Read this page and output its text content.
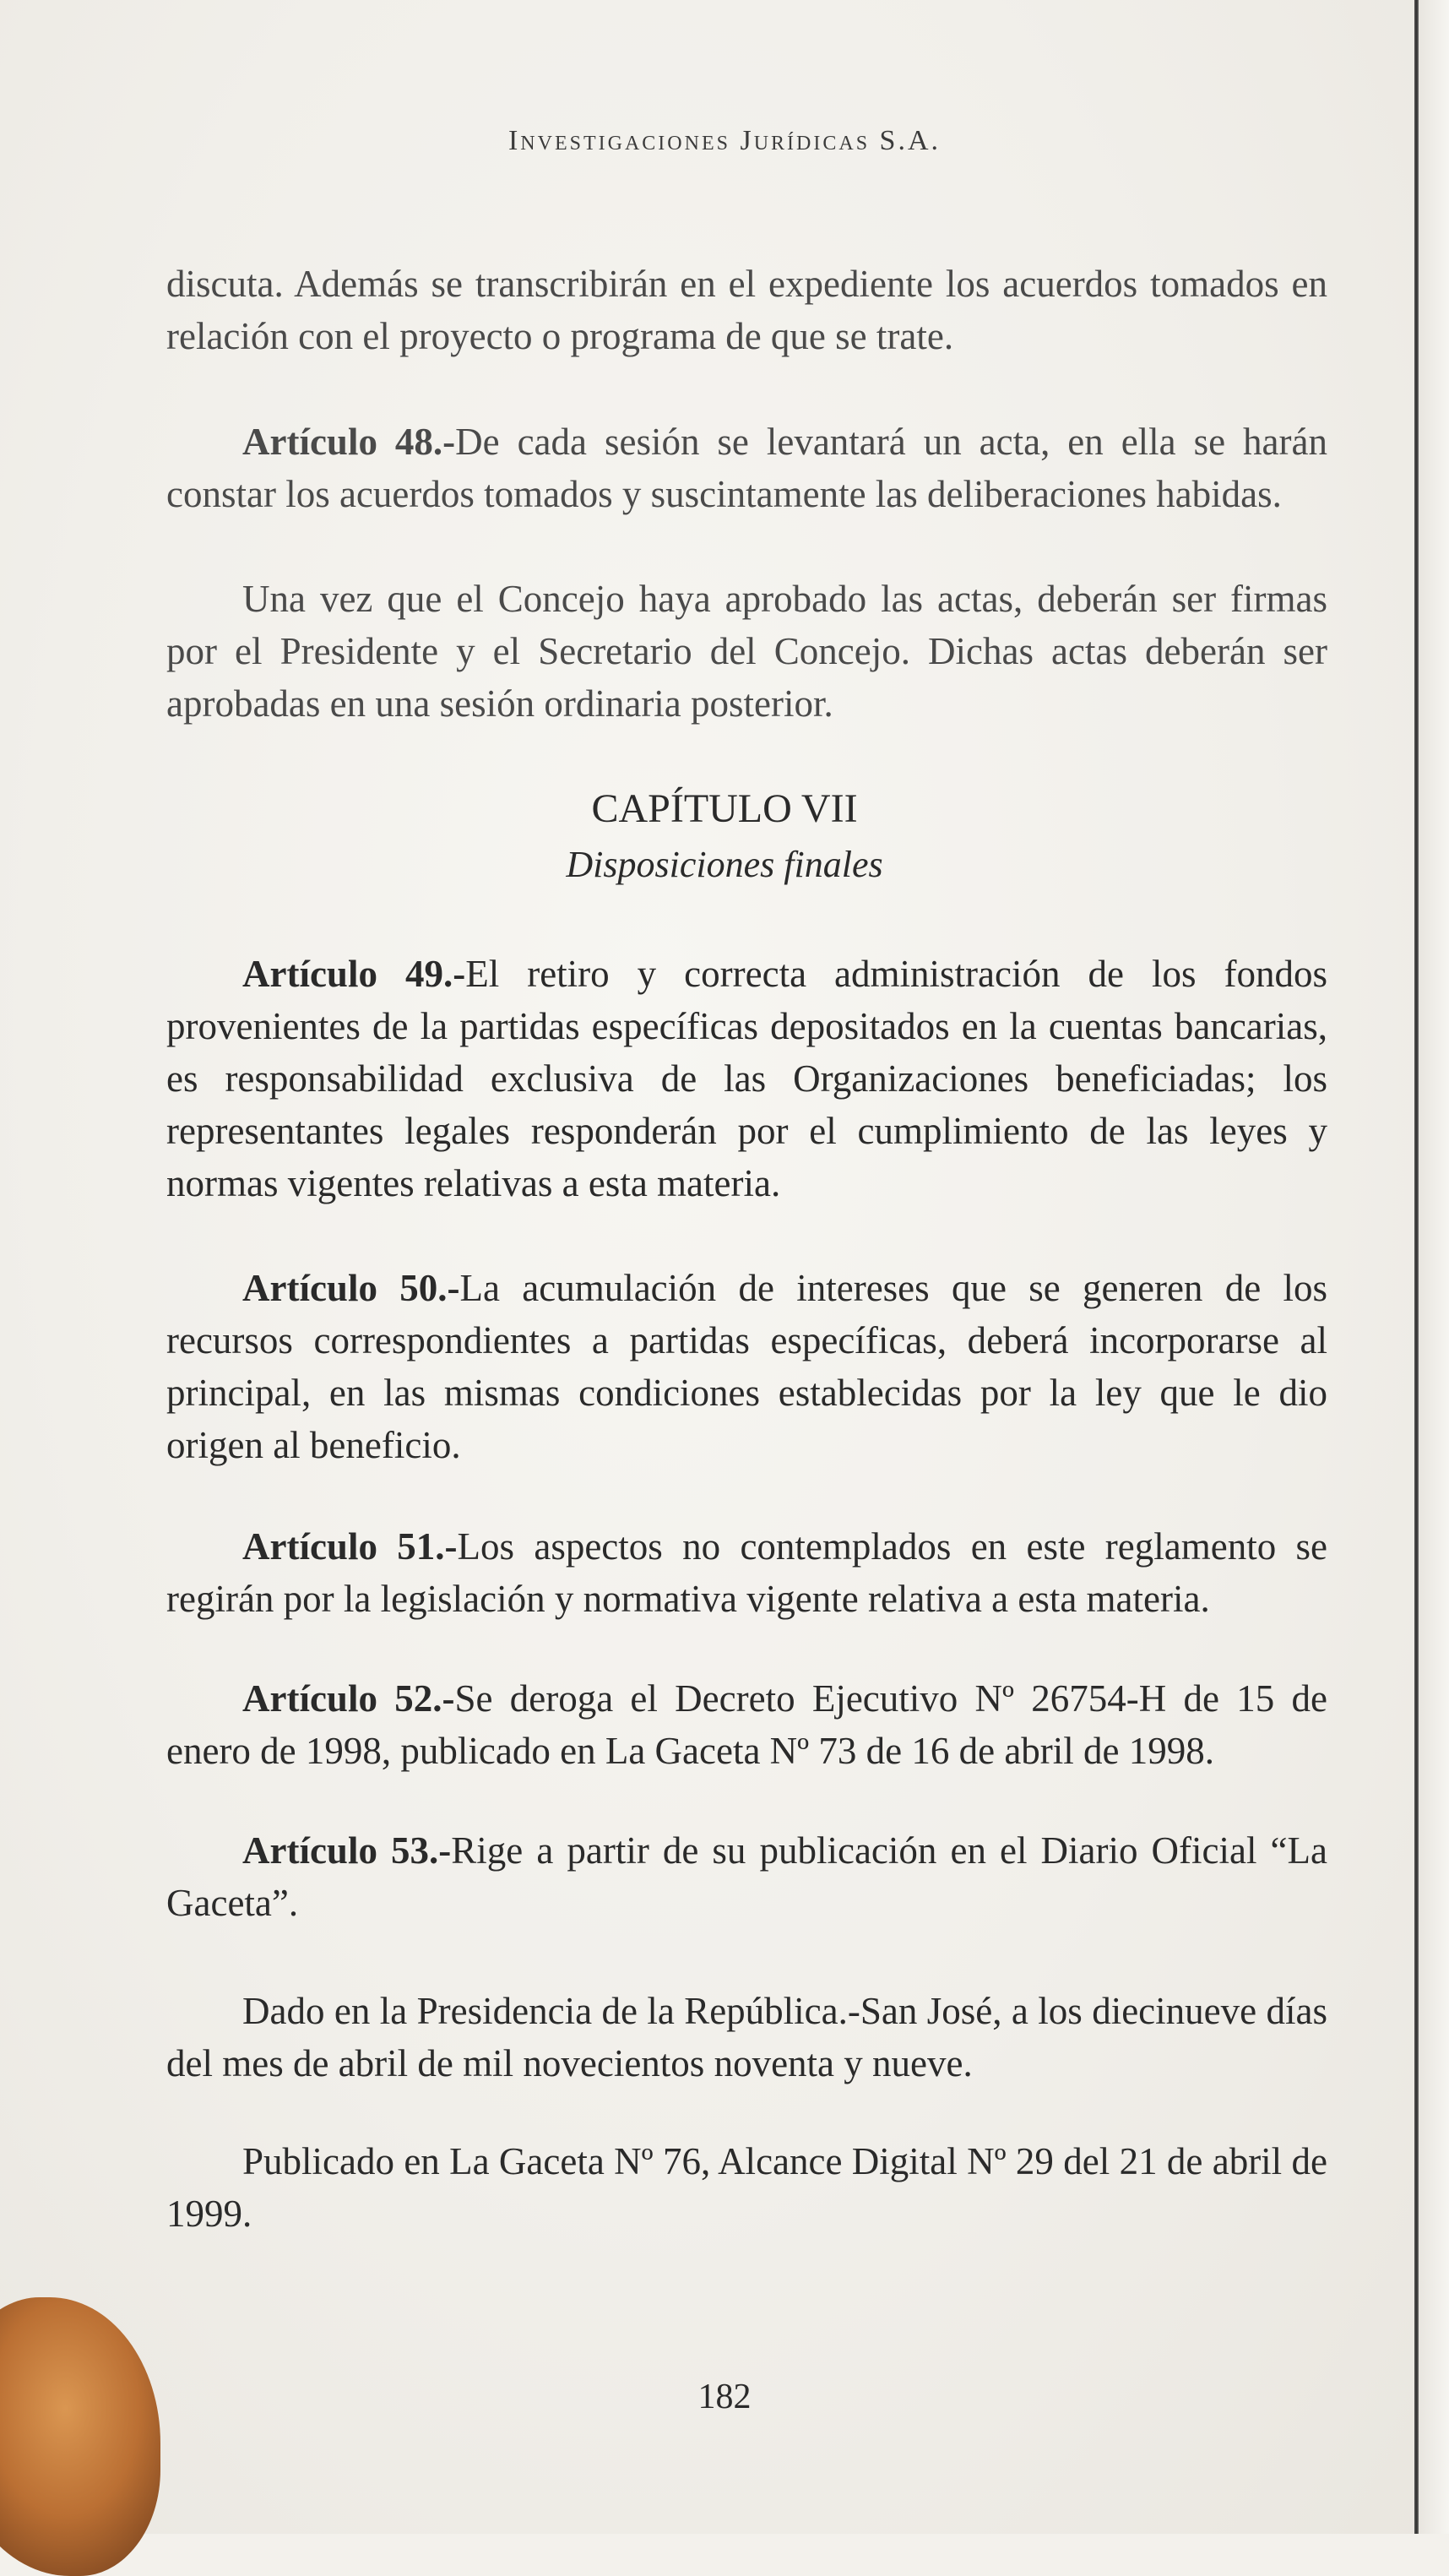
Investigaciones Jurídicas S.A.

discuta. Además se transcribirán en el expediente los acuerdos tomados en relación con el proyecto o programa de que se trate.

Artículo 48.-De cada sesión se levantará un acta, en ella se harán constar los acuerdos tomados y suscintamente las deliberaciones habidas.

Una vez que el Concejo haya aprobado las actas, deberán ser firmas por el Presidente y el Secretario del Concejo. Dichas actas deberán ser aprobadas en una sesión ordinaria posterior.

CAPÍTULO VII

Disposiciones finales

Artículo 49.-El retiro y correcta administración de los fondos provenientes de la partidas específicas depositados en la cuentas bancarias, es responsabilidad exclusiva de las Organizaciones beneficiadas; los representantes legales responderán por el cumplimiento de las leyes y normas vigentes relativas a esta materia.

Artículo 50.-La acumulación de intereses que se generen de los recursos correspondientes a partidas específicas, deberá incorporarse al principal, en las mismas condiciones establecidas por la ley que le dio origen al beneficio.

Artículo 51.-Los aspectos no contemplados en este reglamento se regirán por la legislación y normativa vigente relativa a esta materia.

Artículo 52.-Se deroga el Decreto Ejecutivo Nº 26754-H de 15 de enero de 1998, publicado en La Gaceta Nº 73 de 16 de abril de 1998.

Artículo 53.-Rige a partir de su publicación en el Diario Oficial “La Gaceta”.

Dado en la Presidencia de la República.-San José, a los diecinueve días del mes de abril de mil novecientos noventa y nueve.

Publicado en La Gaceta Nº 76, Alcance Digital Nº 29 del 21 de abril de 1999.

182
